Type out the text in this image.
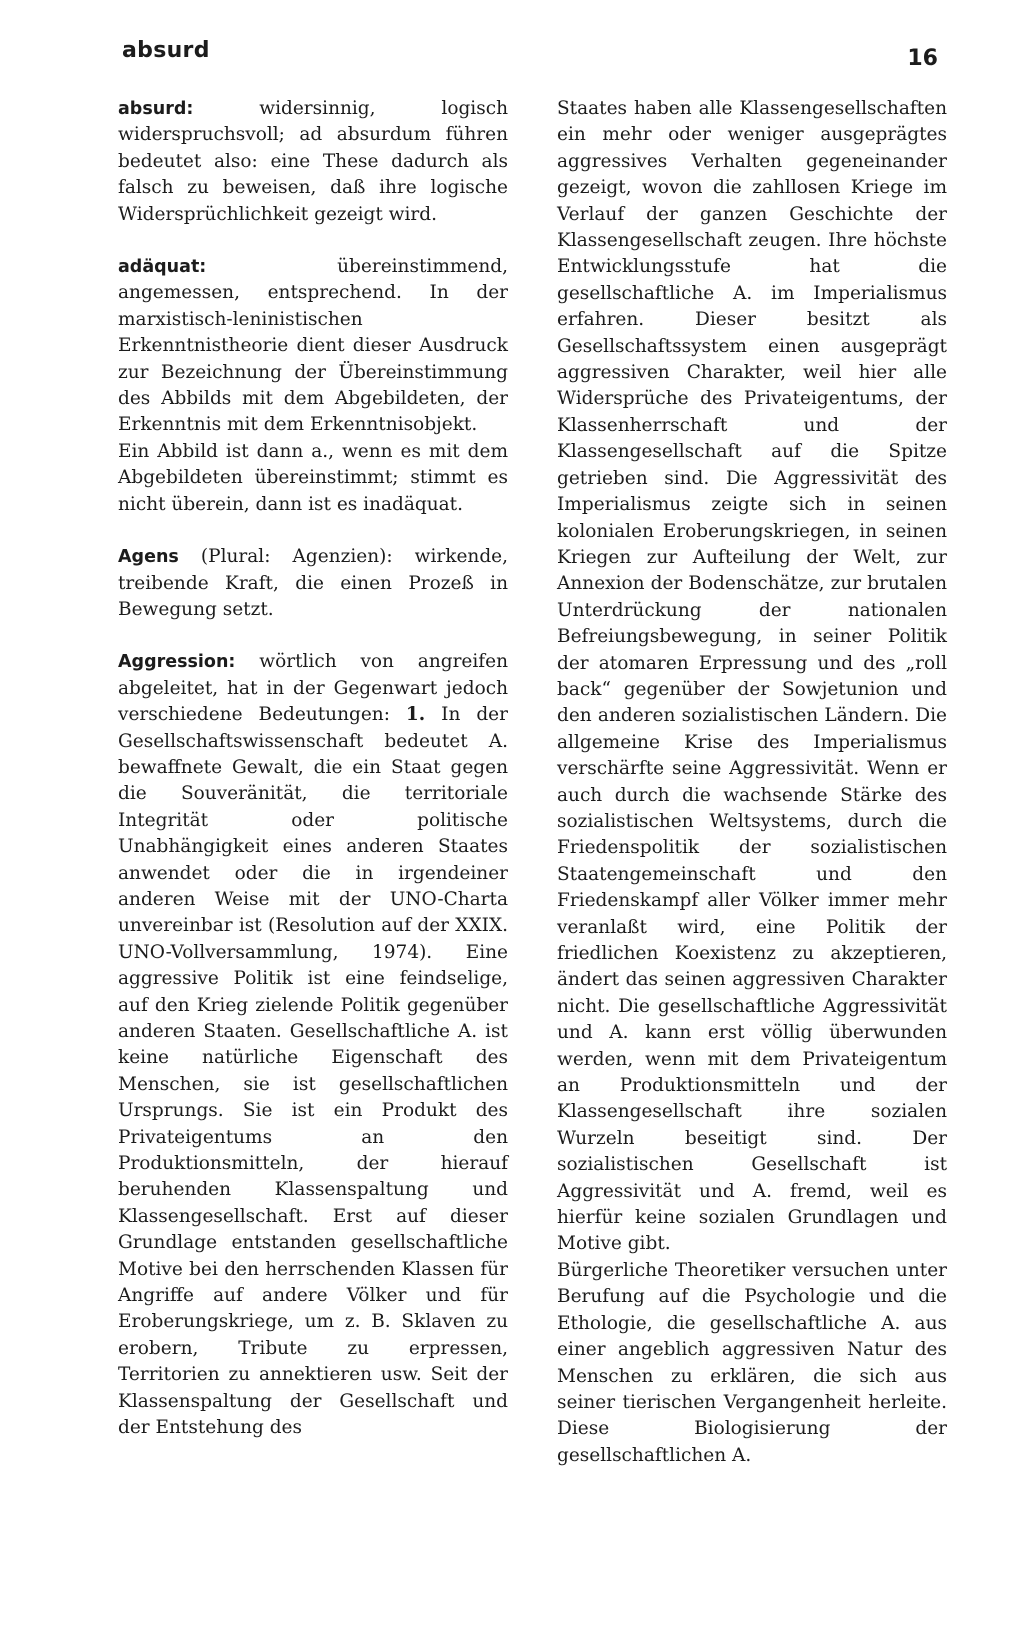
absurd	16

absurd:	widersinnig, logisch widerspruchsvoll; ad absurdum führen bedeutet also: eine These dadurch als falsch zu beweisen, daß ihre logische Widersprüchlichkeit gezeigt wird.

adäquat:	übereinstimmend, angemessen, entsprechend. In der marxistisch-leninistischen Erkenntnistheorie dient dieser Ausdruck zur Bezeichnung der Übereinstimmung des Abbilds mit dem Abgebildeten, der Erkenntnis mit dem Erkenntnisobjekt.

Ein Abbild ist dann a., wenn es mit dem Abgebildeten übereinstimmt; stimmt es nicht überein, dann ist es inadäquat.

Agens (Plural: Agenzien): wirkende, treibende Kraft, die einen Prozeß in Bewegung setzt.

Aggression: wörtlich von angreifen abgeleitet, hat in der Gegenwart jedoch verschiedene Bedeutungen: 1. In der Gesellschaftswissenschaft bedeutet A. bewaffnete Gewalt, die ein Staat gegen die Souveränität, die territoriale Integrität oder politische Unabhängigkeit eines anderen Staates anwendet oder die in irgendeiner anderen Weise mit der UNO-Charta unvereinbar ist (Resolution auf der XXIX. UNO-Vollversammlung, 1974). Eine aggressive Politik ist eine feindselige, auf den Krieg zielende Politik gegenüber anderen Staaten. Gesellschaftliche A. ist keine natürliche Eigenschaft des Menschen, sie ist gesellschaftlichen Ursprungs. Sie ist ein Produkt des Privateigentums an den Produktionsmitteln, der hierauf beruhenden Klassenspaltung und Klassengesellschaft. Erst auf dieser Grundlage entstanden gesellschaftliche Motive bei den herrschenden Klassen für Angriffe auf andere Völker und für Eroberungskriege, um z. B. Sklaven zu erobern, Tribute zu erpressen, Territorien zu annektieren usw. Seit der Klassenspaltung der Gesellschaft und der Entstehung des

Staates haben alle Klassengesellschaften ein mehr oder weniger ausgeprägtes aggressives Verhalten gegeneinander gezeigt, wovon die zahllosen Kriege im Verlauf der ganzen Geschichte der Klassengesellschaft zeugen. Ihre höchste Entwicklungsstufe hat die gesellschaftliche A. im Imperialismus erfahren. Dieser besitzt als Gesellschaftssystem einen ausgeprägt aggressiven Charakter, weil hier alle Widersprüche des Privateigentums, der Klassenherrschaft und der Klassengesellschaft auf die Spitze getrieben sind. Die Aggressivität des Imperialismus zeigte sich in seinen kolonialen Eroberungskriegen, in seinen Kriegen zur Aufteilung der Welt, zur Annexion der Bodenschätze, zur brutalen Unterdrückung der nationalen Befreiungsbewegung, in seiner Politik der atomaren Erpressung und des „roll back“ gegenüber der Sowjetunion und den anderen sozialistischen Ländern. Die allgemeine Krise des Imperialismus verschärfte seine Aggressivität. Wenn er auch durch die wachsende Stärke des sozialistischen Weltsystems, durch die Friedenspolitik der sozialistischen Staatengemeinschaft und den Friedenskampf aller Völker immer mehr veranlaßt wird, eine Politik der friedlichen Koexistenz zu akzeptieren, ändert das seinen aggressiven Charakter nicht. Die gesellschaftliche Aggressivität und A. kann erst völlig überwunden werden, wenn mit dem Privateigentum an Produktionsmitteln und der Klassengesellschaft ihre sozialen Wurzeln beseitigt sind. Der sozialistischen Gesellschaft ist Aggressivität und A. fremd, weil es hierfür keine sozialen Grundlagen und Motive gibt.

Bürgerliche Theoretiker versuchen unter Berufung auf die Psychologie und die Ethologie, die gesellschaftliche A. aus einer angeblich aggressiven Natur des Menschen zu erklären, die sich aus seiner tierischen Vergangenheit herleite. Diese Biologisierung der gesellschaftlichen A.
